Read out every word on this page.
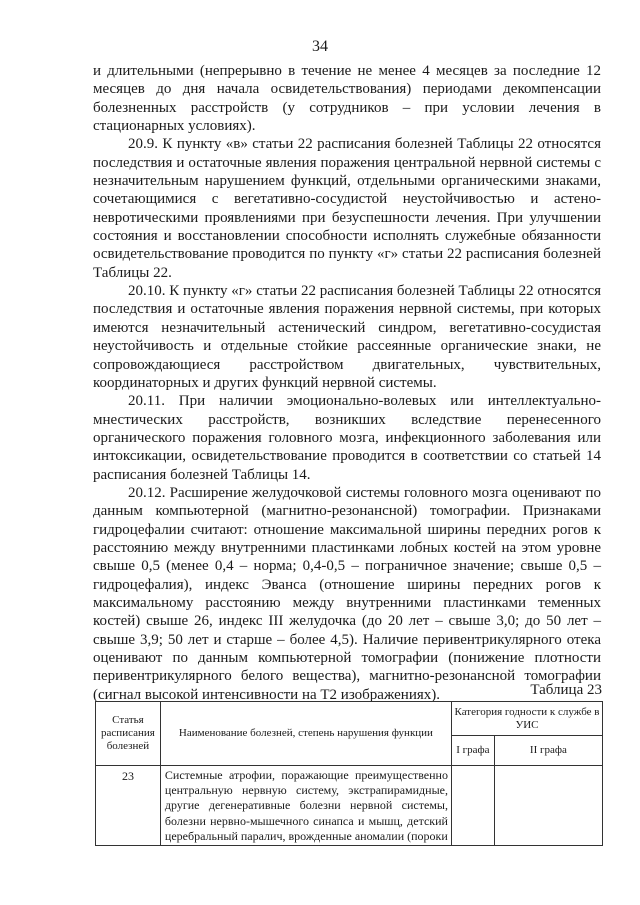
34

и длительными (непрерывно в течение не менее 4 месяцев за последние 12 месяцев до дня начала освидетельствования) периодами декомпенсации болезненных расстройств (у сотрудников – при условии лечения в стационарных условиях).

20.9. К пункту «в» статьи 22 расписания болезней Таблицы 22 относятся последствия и остаточные явления поражения центральной нервной системы с незначительным нарушением функций, отдельными органическими знаками, сочетающимися с вегетативно-сосудистой неустойчивостью и астено-невротическими проявлениями при безуспешности лечения. При улучшении состояния и восстановлении способности исполнять служебные обязанности освидетельствование проводится по пункту «г» статьи 22 расписания болезней Таблицы 22.

20.10. К пункту «г» статьи 22 расписания болезней Таблицы 22 относятся последствия и остаточные явления поражения нервной системы, при которых имеются незначительный астенический синдром, вегетативно-сосудистая неустойчивость и отдельные стойкие рассеянные органические знаки, не сопровождающиеся расстройством двигательных, чувствительных, координаторных и других функций нервной системы.

20.11. При наличии эмоционально-волевых или интеллектуально-мнестических расстройств, возникших вследствие перенесенного органического поражения головного мозга, инфекционного заболевания или интоксикации, освидетельствование проводится в соответствии со статьей 14 расписания болезней Таблицы 14.

20.12. Расширение желудочковой системы головного мозга оценивают по данным компьютерной (магнитно-резонансной) томографии. Признаками гидроцефалии считают: отношение максимальной ширины передних рогов к расстоянию между внутренними пластинками лобных костей на этом уровне свыше 0,5 (менее 0,4 – норма; 0,4-0,5 – пограничное значение; свыше 0,5 – гидроцефалия), индекс Эванса (отношение ширины передних рогов к максимальному расстоянию между внутренними пластинками теменных костей) свыше 26, индекс III желудочка (до 20 лет – свыше 3,0; до 50 лет – свыше 3,9; 50 лет и старше – более 4,5). Наличие перивентрикулярного отека оценивают по данным компьютерной томографии (понижение плотности перивентрикулярного белого вещества), магнитно-резонансной томографии (сигнал высокой интенсивности на Т2 изображениях).	Таблица 23
Статья расписания болезней	Наименование болезней, степень нарушения функции	Категория годности к службе в УИС	
		I графа	II графа
23	Системные атрофии, поражающие преимущественно центральную нервную систему, экстрапирамидные, другие дегенеративные болезни нервной системы, болезни нервно-мышечного синапса и мышц, детский церебральный паралич, врожденные аномалии (пороки		
